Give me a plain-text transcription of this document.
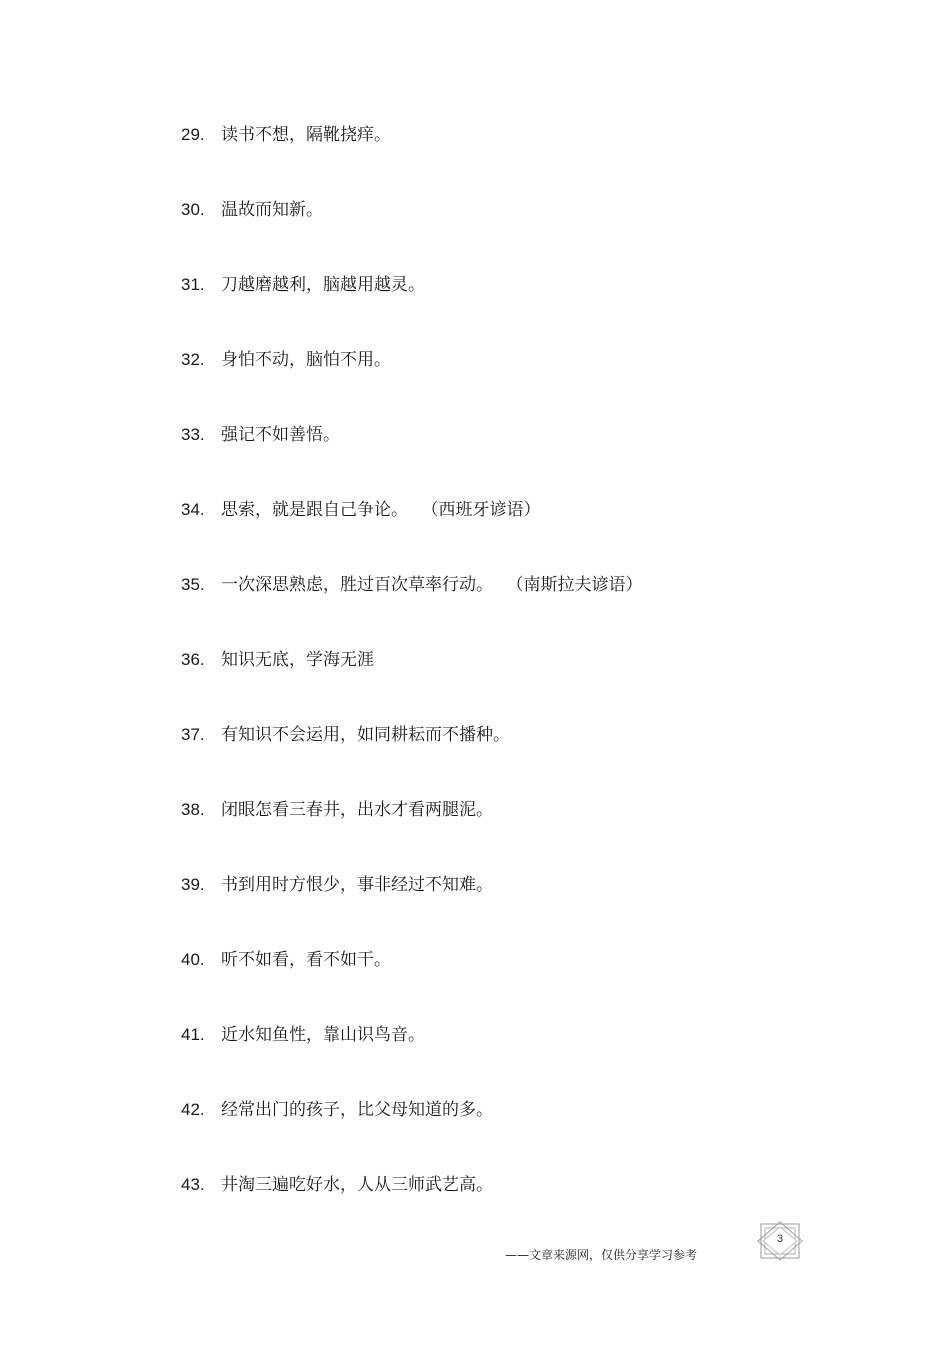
29. 读书不想，隔靴挠痒。
30. 温故而知新。
31. 刀越磨越利，脑越用越灵。
32. 身怕不动，脑怕不用。
33. 强记不如善悟。
34. 思索，就是跟自己争论。 （西班牙谚语）
35. 一次深思熟虑，胜过百次草率行动。 （南斯拉夫谚语）
36. 知识无底，学海无涯
37. 有知识不会运用，如同耕耘而不播种。
38. 闭眼怎看三春井，出水才看两腿泥。
39. 书到用时方恨少，事非经过不知难。
40. 听不如看，看不如干。
41. 近水知鱼性，靠山识鸟音。
42. 经常出门的孩子，比父母知道的多。
43. 井淘三遍吃好水，人从三师武艺高。
3
——文章来源网，仅供分享学习参考
